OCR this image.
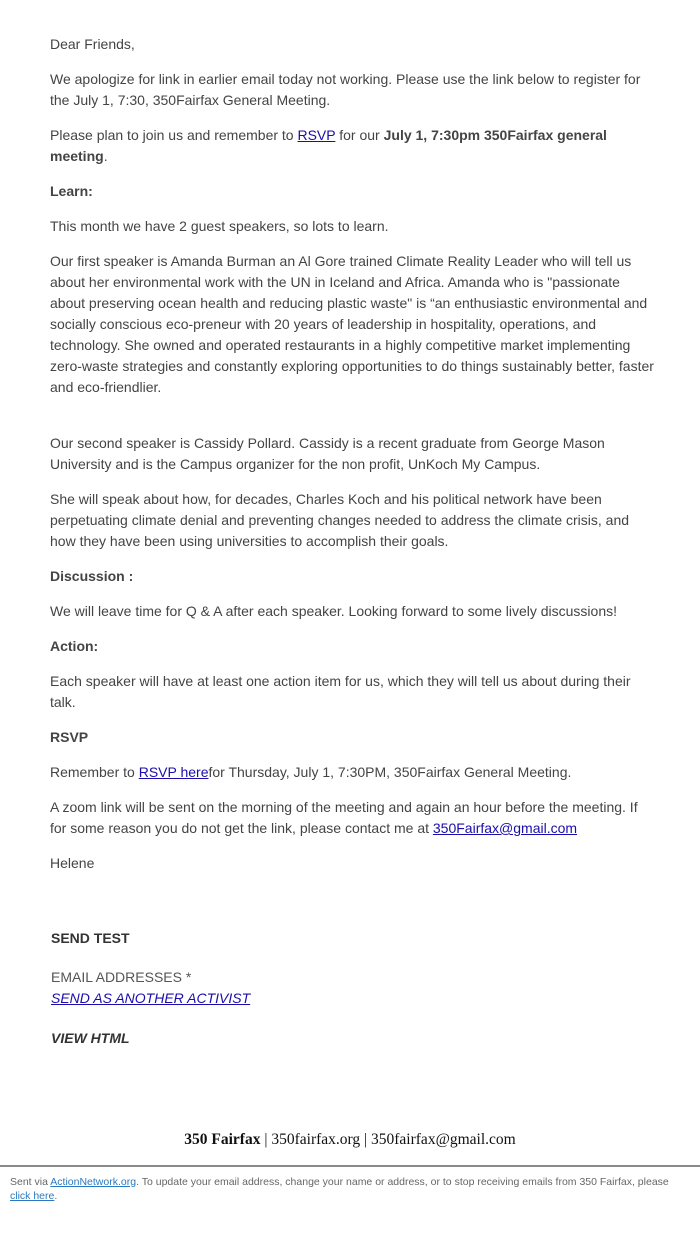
Dear Friends,

We apologize for link in earlier email today not working. Please use the link below to register for the July 1, 7:30, 350Fairfax General Meeting.

Please plan to join us and remember to RSVP for our July 1, 7:30pm 350Fairfax general meeting.

Learn:

This month we have 2 guest speakers, so lots to learn.

Our first speaker is Amanda Burman an Al Gore trained Climate Reality Leader who will tell us about her environmental work with the UN in Iceland and Africa. Amanda who is "passionate about preserving ocean health and reducing plastic waste" is “an enthusiastic environmental and socially conscious eco-preneur with 20 years of leadership in hospitality, operations, and technology. She owned and operated restaurants in a highly competitive market implementing zero-waste strategies and constantly exploring opportunities to do things sustainably better, faster and eco-friendlier.

Our second speaker is Cassidy Pollard. Cassidy is a recent graduate from George Mason University and is the Campus organizer for the non profit, UnKoch My Campus.

She will speak about how, for decades, Charles Koch and his political network have been perpetuating climate denial and preventing changes needed to address the climate crisis, and how they have been using universities to accomplish their goals.

Discussion :

We will leave time for Q & A after each speaker. Looking forward to some lively discussions!

Action:

Each speaker will have at least one action item for us, which they will tell us about during their talk.

RSVP

Remember to RSVP herefor Thursday, July 1, 7:30PM, 350Fairfax General Meeting.

A zoom link will be sent on the morning of the meeting and again an hour before the meeting. If for some reason you do not get the link, please contact me at 350Fairfax@gmail.com

Helene

SEND TEST
EMAIL ADDRESSES *
SEND AS ANOTHER ACTIVIST
VIEW HTML
350 Fairfax | 350fairfax.org | 350fairfax@gmail.com
Sent via ActionNetwork.org. To update your email address, change your name or address, or to stop receiving emails from 350 Fairfax, please click here.
